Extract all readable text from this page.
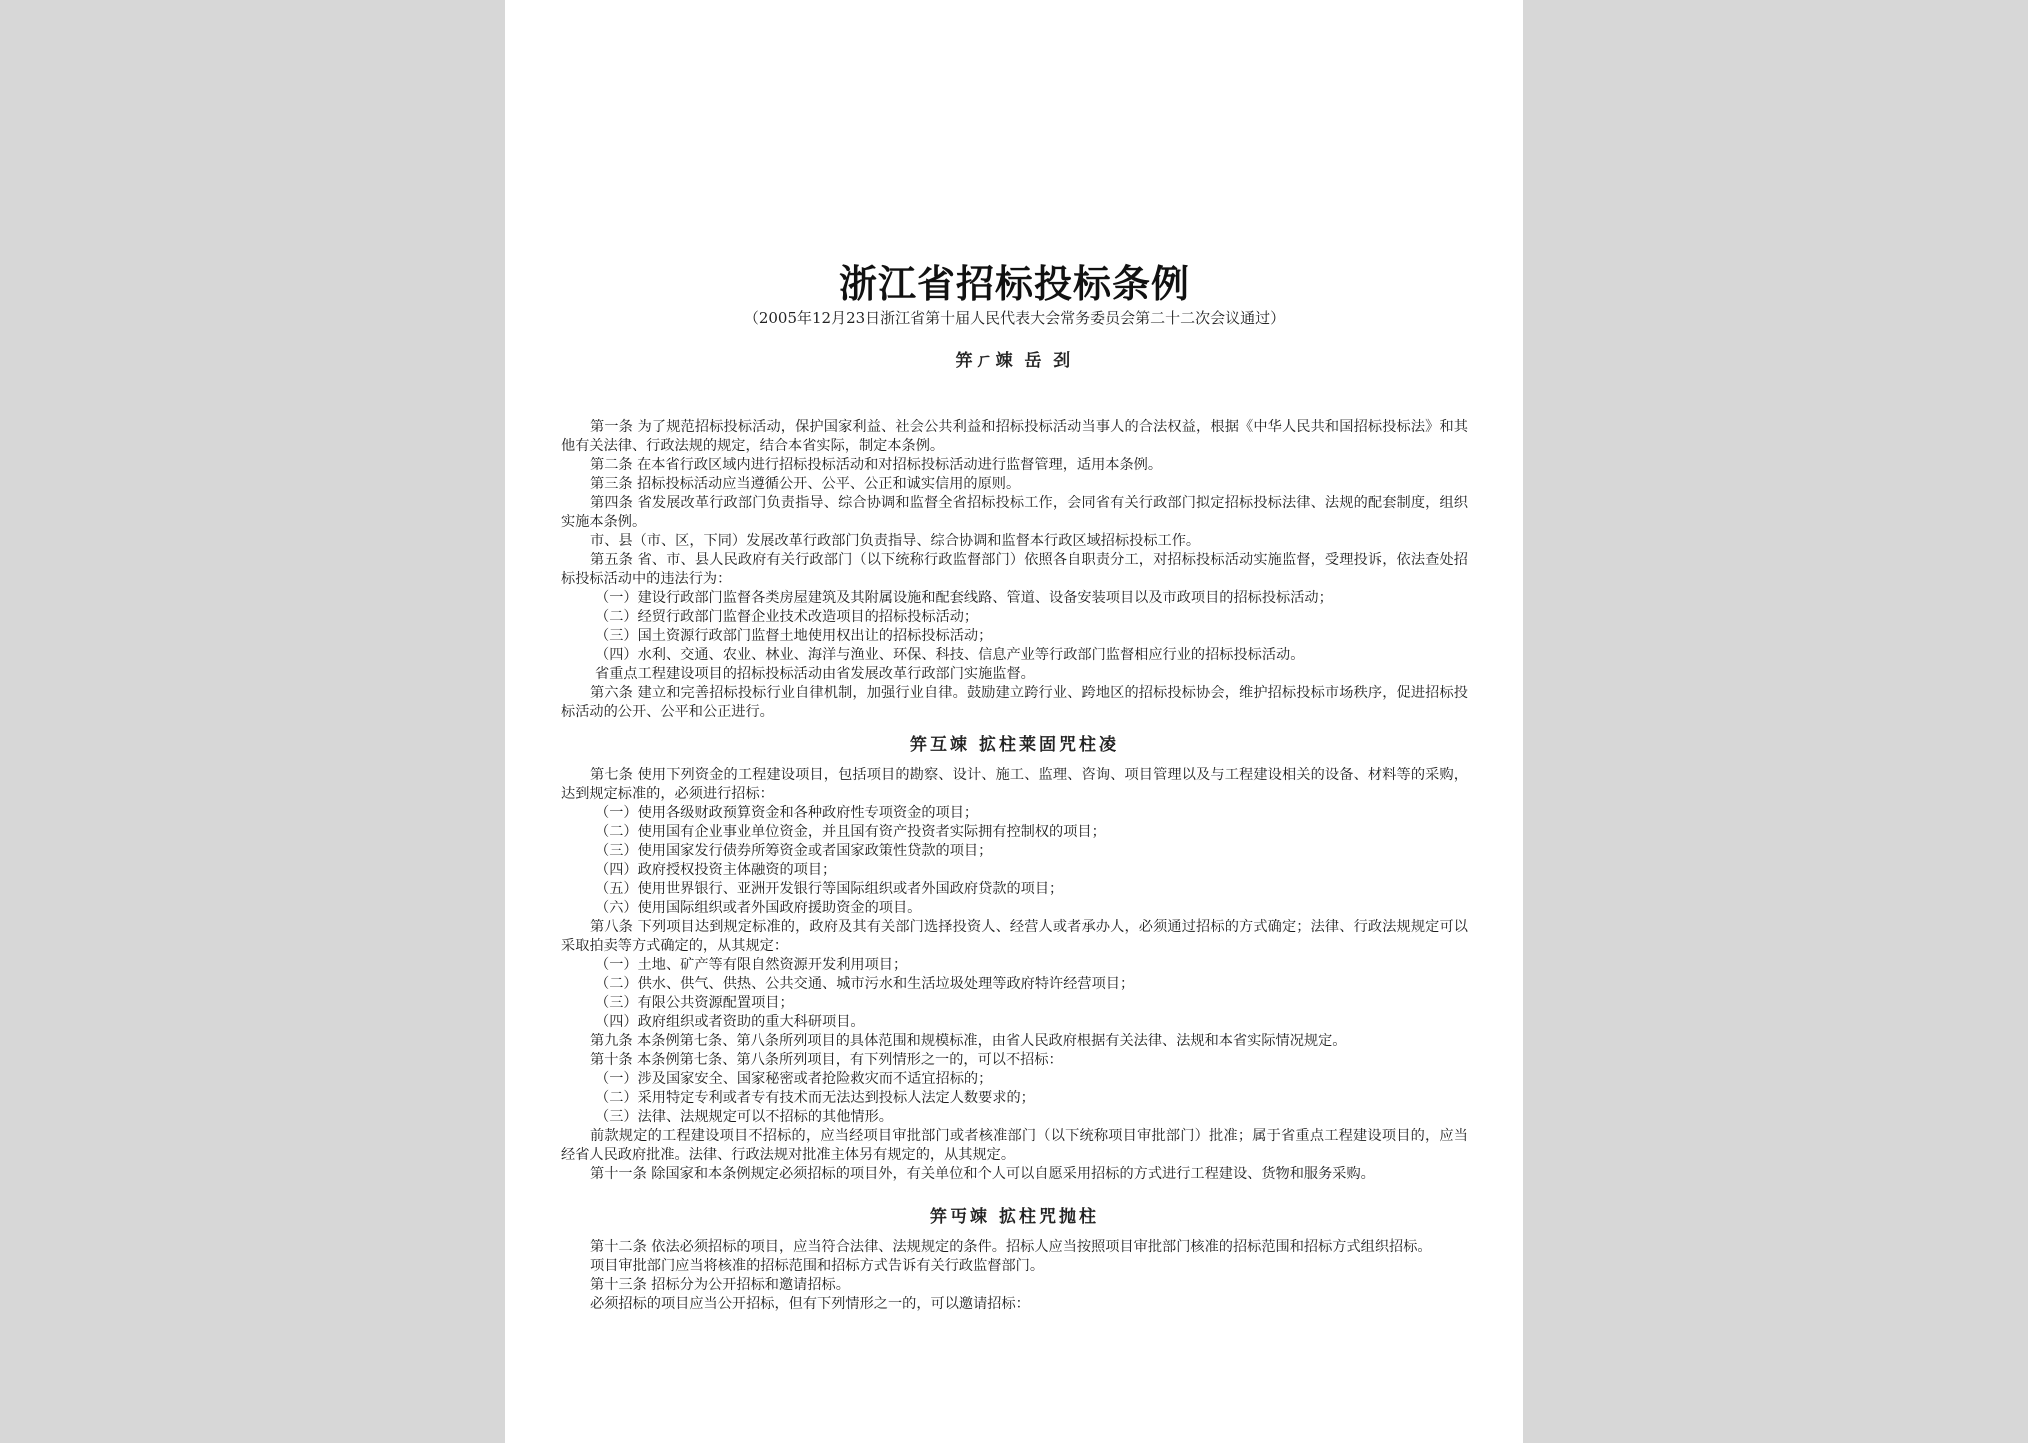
浙江省招标投标条例
（2005年12月23日浙江省第十届人民代表大会常务委员会第二十二次会议通过）
笄ㄏ竦 岳 刭

第一条 为了规范招标投标活动，保护国家利益、社会公共利益和招标投标活动当事人的合法权益，根据《中华人民共和国招标投标法》和其他有关法律、行政法规的规定，结合本省实际，制定本条例。

第二条 在本省行政区域内进行招标投标活动和对招标投标活动进行监督管理，适用本条例。

第三条 招标投标活动应当遵循公开、公平、公正和诚实信用的原则。

第四条 省发展改革行政部门负责指导、综合协调和监督全省招标投标工作，会同省有关行政部门拟定招标投标法律、法规的配套制度，组织实施本条例。

市、县（市、区，下同）发展改革行政部门负责指导、综合协调和监督本行政区域招标投标工作。

第五条 省、市、县人民政府有关行政部门（以下统称行政监督部门）依照各自职责分工，对招标投标活动实施监督，受理投诉，依法查处招标投标活动中的违法行为：

（一）建设行政部门监督各类房屋建筑及其附属设施和配套线路、管道、设备安装项目以及市政项目的招标投标活动；

（二）经贸行政部门监督企业技术改造项目的招标投标活动；

（三）国土资源行政部门监督土地使用权出让的招标投标活动；

（四）水利、交通、农业、林业、海洋与渔业、环保、科技、信息产业等行政部门监督相应行业的招标投标活动。

省重点工程建设项目的招标投标活动由省发展改革行政部门实施监督。

第六条 建立和完善招标投标行业自律机制，加强行业自律。鼓励建立跨行业、跨地区的招标投标协会，维护招标投标市场秩序，促进招标投标活动的公开、公平和公正进行。

笄互竦 拡柱莱固咒柱凌

第七条 使用下列资金的工程建设项目，包括项目的勘察、设计、施工、监理、咨询、项目管理以及与工程建设相关的设备、材料等的采购，达到规定标准的，必须进行招标：

（一）使用各级财政预算资金和各种政府性专项资金的项目；

（二）使用国有企业事业单位资金，并且国有资产投资者实际拥有控制权的项目；

（三）使用国家发行债券所筹资金或者国家政策性贷款的项目；

（四）政府授权投资主体融资的项目；

（五）使用世界银行、亚洲开发银行等国际组织或者外国政府贷款的项目；

（六）使用国际组织或者外国政府援助资金的项目。

第八条 下列项目达到规定标准的，政府及其有关部门选择投资人、经营人或者承办人，必须通过招标的方式确定；法律、行政法规规定可以采取拍卖等方式确定的，从其规定：

（一）土地、矿产等有限自然资源开发利用项目；

（二）供水、供气、供热、公共交通、城市污水和生活垃圾处理等政府特许经营项目；

（三）有限公共资源配置项目；

（四）政府组织或者资助的重大科研项目。

第九条 本条例第七条、第八条所列项目的具体范围和规模标准，由省人民政府根据有关法律、法规和本省实际情况规定。

第十条 本条例第七条、第八条所列项目，有下列情形之一的，可以不招标：

（一）涉及国家安全、国家秘密或者抢险救灾而不适宜招标的；

（二）采用特定专利或者专有技术而无法达到投标人法定人数要求的；

（三）法律、法规规定可以不招标的其他情形。

前款规定的工程建设项目不招标的，应当经项目审批部门或者核准部门（以下统称项目审批部门）批准；属于省重点工程建设项目的，应当经省人民政府批准。法律、行政法规对批准主体另有规定的，从其规定。

第十一条 除国家和本条例规定必须招标的项目外，有关单位和个人可以自愿采用招标的方式进行工程建设、货物和服务采购。

笄丏竦 拡柱咒抛柱

第十二条 依法必须招标的项目，应当符合法律、法规规定的条件。招标人应当按照项目审批部门核准的招标范围和招标方式组织招标。

项目审批部门应当将核准的招标范围和招标方式告诉有关行政监督部门。

第十三条 招标分为公开招标和邀请招标。

必须招标的项目应当公开招标，但有下列情形之一的，可以邀请招标：
